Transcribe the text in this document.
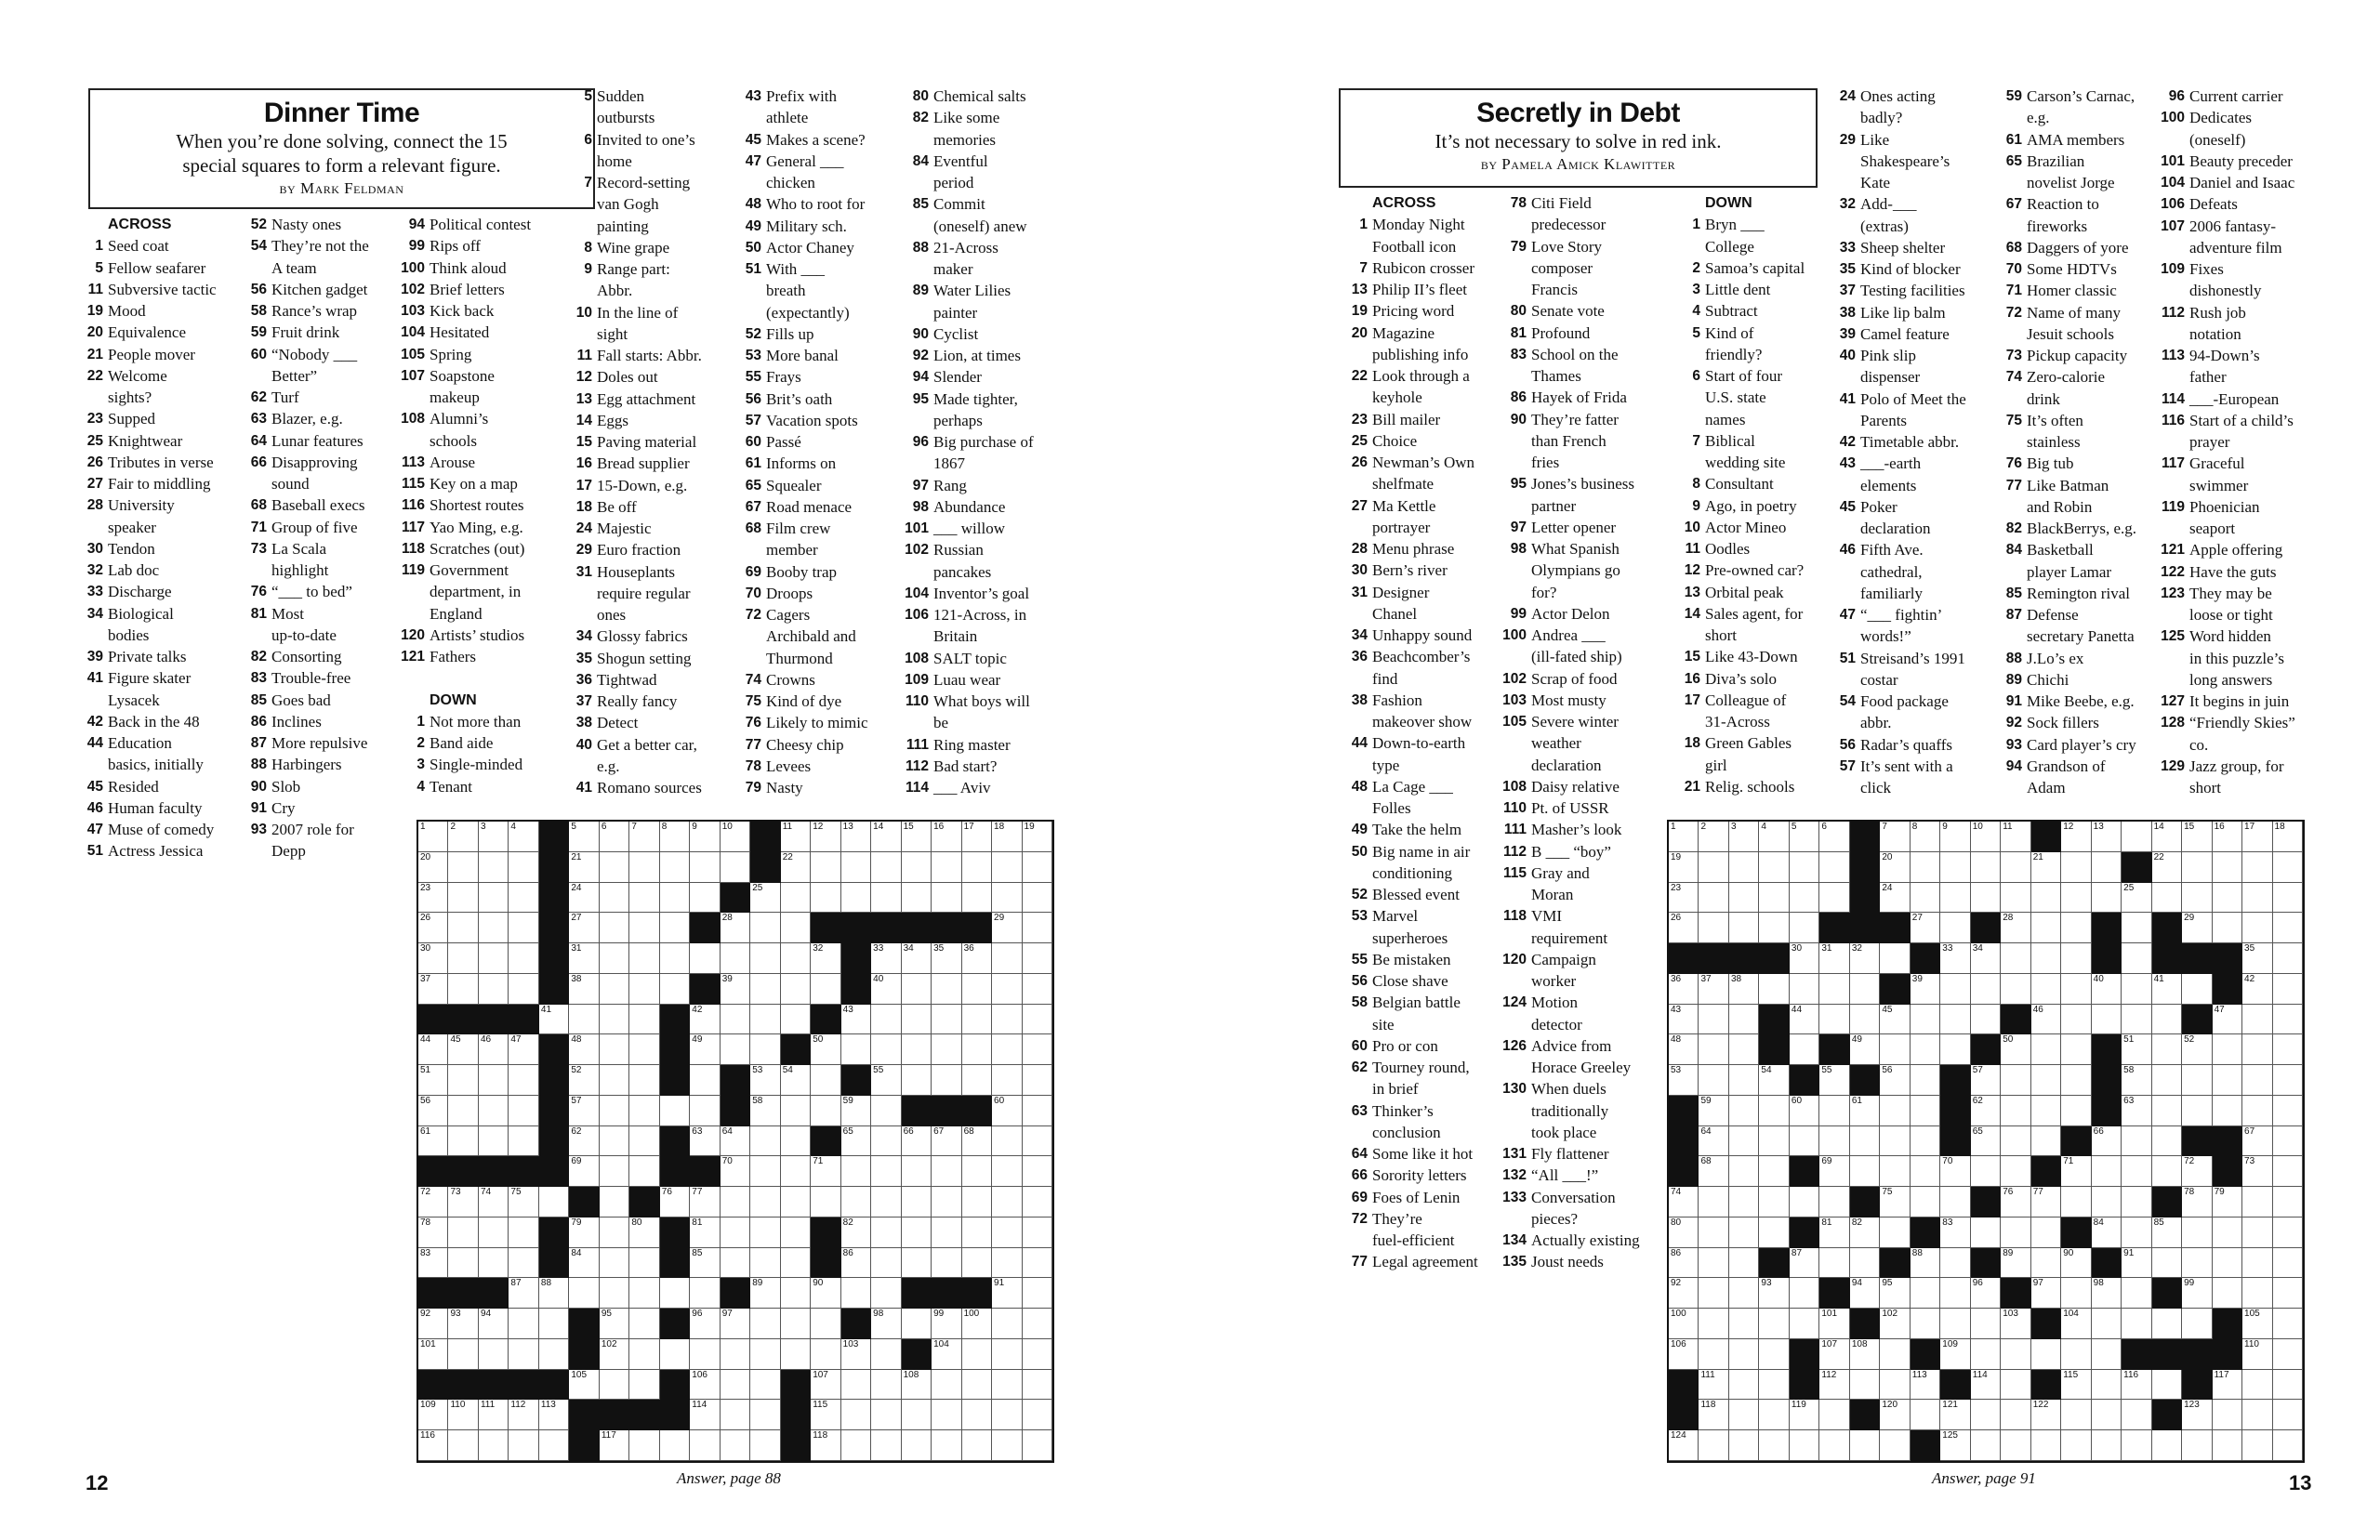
Dinner Time
When you’re done solving, connect the 15
special squares to form a relevant figure.
by Mark Feldman
ACROSS
1 Seed coat
5 Fellow seafarer
11 Subversive tactic
19 Mood
20 Equivalence
21 People mover
22 Welcome
sights?
23 Supped
25 Knightwear
26 Tributes in verse
27 Fair to middling
28 University
speaker
30 Tendon
32 Lab doc
33 Discharge
34 Biological
bodies
39 Private talks
41 Figure skater
Lysacek
42 Back in the 48
44 Education
basics, initially
45 Resided
46 Human faculty
47 Muse of comedy
51 Actress Jessica
52 Nasty ones
54 They’re not the
A team
56 Kitchen gadget
58 Rance’s wrap
59 Fruit drink
60 “Nobody ___
Better”
62 Turf
63 Blazer, e.g.
64 Lunar features
66 Disapproving
sound
68 Baseball execs
71 Group of five
73 La Scala
highlight
76 “___ to bed”
81 Most
up-to-date
82 Consorting
83 Trouble-free
85 Goes bad
86 Inclines
87 More repulsive
88 Harbingers
90 Slob
91 Cry
93 2007 role for
Depp
94 Political contest
99 Rips off
100 Think aloud
102 Brief letters
103 Kick back
104 Hesitated
105 Spring
107 Soapstone
makeup
108 Alumni’s
schools
113 Arouse
115 Key on a map
116 Shortest routes
117 Yao Ming, e.g.
118 Scratches (out)
119 Government
department, in
England
120 Artists’ studios
121 Fathers

DOWN
1 Not more than
2 Band aide
3 Single-minded
4 Tenant
5 Sudden
outbursts
6 Invited to one’s
home
7 Record-setting
van Gogh
painting
8 Wine grape
9 Range part:
Abbr.
10 In the line of
sight
11 Fall starts: Abbr.
12 Doles out
13 Egg attachment
14 Eggs
15 Paving material
16 Bread supplier
17 15-Down, e.g.
18 Be off
24 Majestic
29 Euro fraction
31 Houseplants
require regular
ones
34 Glossy fabrics
35 Shogun setting
36 Tightwad
37 Really fancy
38 Detect
40 Get a better car,
e.g.
41 Romano sources
43 Prefix with
athlete
45 Makes a scene?
47 General ___
chicken
48 Who to root for
49 Military sch.
50 Actor Chaney
51 With ___
breath
(expectantly)
52 Fills up
53 More banal
55 Frays
56 Brit’s oath
57 Vacation spots
60 Passé
61 Informs on
65 Squealer
67 Road menace
68 Film crew
member
69 Booby trap
70 Droops
72 Cagers
Archibald and
Thurmond
74 Crowns
75 Kind of dye
76 Likely to mimic
77 Cheesy chip
78 Levees
79 Nasty
80 Chemical salts
82 Like some
memories
84 Eventful
period
85 Commit
(oneself) anew
88 21-Across
maker
89 Water Lilies
painter
90 Cyclist
92 Lion, at times
94 Slender
95 Made tighter,
perhaps
96 Big purchase of
1867
97 Rang
98 Abundance
101 ___ willow
102 Russian
pancakes
104 Inventor’s goal
106 121-Across, in
Britain
108 SALT topic
109 Luau wear
110 What boys will
be
111 Ring master
112 Bad start?
114 ___ Aviv
1	2	3	4	5	6	7	8	9	10	11 12 13 14 15 16 17 18 19
20	21	22
23	24	25
26	27	28	29
30	31	32	33 34 35 36
37	38	39	40
41	42	43
44 45 46 47	48	49	50
51	52	53 54	55
56	57	58	59	60
61	62	63 64	65	66 67 68
69	70	71
72 73 74 75	76 77
78	79	80	81	82
83	84	85	86
87 88	89	90	91
92 93 94	95	96 97	98	99 100
101	102	103	104
105	106	107	108
109 110 111 112 113	114	115
116	117	118
12	Answer, page 88
Secretly in Debt
It’s not necessary to solve in red ink.
by Pamela Amick Klawitter
ACROSS
1 Monday Night
Football icon
7 Rubicon crosser
13 Philip II’s fleet
19 Pricing word
20 Magazine
publishing info
22 Look through a
keyhole
23 Bill mailer
25 Choice
26 Newman’s Own
shelfmate
27 Ma Kettle
portrayer
28 Menu phrase
30 Bern’s river
31 Designer
Chanel
34 Unhappy sound
36 Beachcomber’s
find
38 Fashion
makeover show
44 Down-to-earth
type
48 La Cage ___
Folles
49 Take the helm
50 Big name in air
conditioning
52 Blessed event
53 Marvel
superheroes
55 Be mistaken
56 Close shave
58 Belgian battle
site
60 Pro or con
62 Tourney round,
in brief
63 Thinker’s
conclusion
64 Some like it hot
66 Sorority letters
69 Foes of Lenin
72 They’re
fuel-efficient
77 Legal agreement
78 Citi Field
predecessor
79 Love Story
composer
Francis
80 Senate vote
81 Profound
83 School on the
Thames
86 Hayek of Frida
90 They’re fatter
than French
fries
95 Jones’s business
partner
97 Letter opener
98 What Spanish
Olympians go
for?
99 Actor Delon
100 Andrea ___
(ill-fated ship)
102 Scrap of food
103 Most musty
105 Severe winter
weather
declaration
108 Daisy relative
110 Pt. of USSR
111 Masher’s look
112 B ___ “boy”
115 Gray and
Moran
118 VMI
requirement
120 Campaign
worker
124 Motion
detector
126 Advice from
Horace Greeley
130 When duels
traditionally
took place
131 Fly flattener
132 “All ___!”
133 Conversation
pieces?
134 Actually existing
135 Joust needs
DOWN
1 Bryn ___
College
2 Samoa’s capital
3 Little dent
4 Subtract
5 Kind of
friendly?
6 Start of four
U.S. state
names
7 Biblical
wedding site
8 Consultant
9 Ago, in poetry
10 Actor Mineo
11 Oodles
12 Pre-owned car?
13 Orbital peak
14 Sales agent, for
short
15 Like 43-Down
16 Diva’s solo
17 Colleague of
31-Across
18 Green Gables
girl
21 Relig. schools
24 Ones acting
badly?
29 Like
Shakespeare’s
Kate
32 Add-___
(extras)
33 Sheep shelter
35 Kind of blocker
37 Testing facilities
38 Like lip balm
39 Camel feature
40 Pink slip
dispenser
41 Polo of Meet the
Parents
42 Timetable abbr.
43 ___-earth
elements
45 Poker
declaration
46 Fifth Ave.
cathedral,
familiarly
47 “___ fightin’
words!”
51 Streisand’s 1991
costar
54 Food package
abbr.
56 Radar’s quaffs
57 It’s sent with a
click
59 Carson’s Carnac,
e.g.
61 AMA members
65 Brazilian
novelist Jorge
67 Reaction to
fireworks
68 Daggers of yore
70 Some HDTVs
71 Homer classic
72 Name of many
Jesuit schools
73 Pickup capacity
74 Zero-calorie
drink
75 It’s often
stainless
76 Big tub
77 Like Batman
and Robin
82 BlackBerrys, e.g.
84 Basketball
player Lamar
85 Remington rival
87 Defense
secretary Panetta
88 J.Lo’s ex
89 Chichi
91 Mike Beebe, e.g.
92 Sock fillers
93 Card player’s cry
94 Grandson of
Adam
96 Current carrier
100 Dedicates
(oneself)
101 Beauty preceder
104 Daniel and Isaac
106 Defeats
107 2006 fantasy-
adventure film
109 Fixes
dishonestly
112 Rush job
notation
113 94-Down’s
father
114 ___-European
116 Start of a child’s
prayer
117 Graceful
swimmer
119 Phoenician
seaport
121 Apple offering
122 Have the guts
123 They may be
loose or tight
125 Word hidden
in this puzzle’s
long answers
127 It begins in juin
128 “Friendly Skies”
co.
129 Jazz group, for
short
1	2	3	4	5	6	7	8	9	10 11	12 13	14 15 16 17 18
19	20	21	22
23	24	25
26	27	28	29
30 31 32	33 34	35
36 37 38	39	40	41	42
43	44	45	46	47
48	49	50	51	52
53	54	55	56	57	58
59	60	61	62	63
64	65	66	67
68	69	70	71	72	73
74	75	76 77	78 79
80	81 82	83	84	85
86	87	88	89	90	91
92	93	94 95	96	97	98	99
100	101	102	103	104	105
106	107 108	109	110
111	112	113	114	115	116	117
118	119	120	121	122	123
124	125
13
Answer, page 91
